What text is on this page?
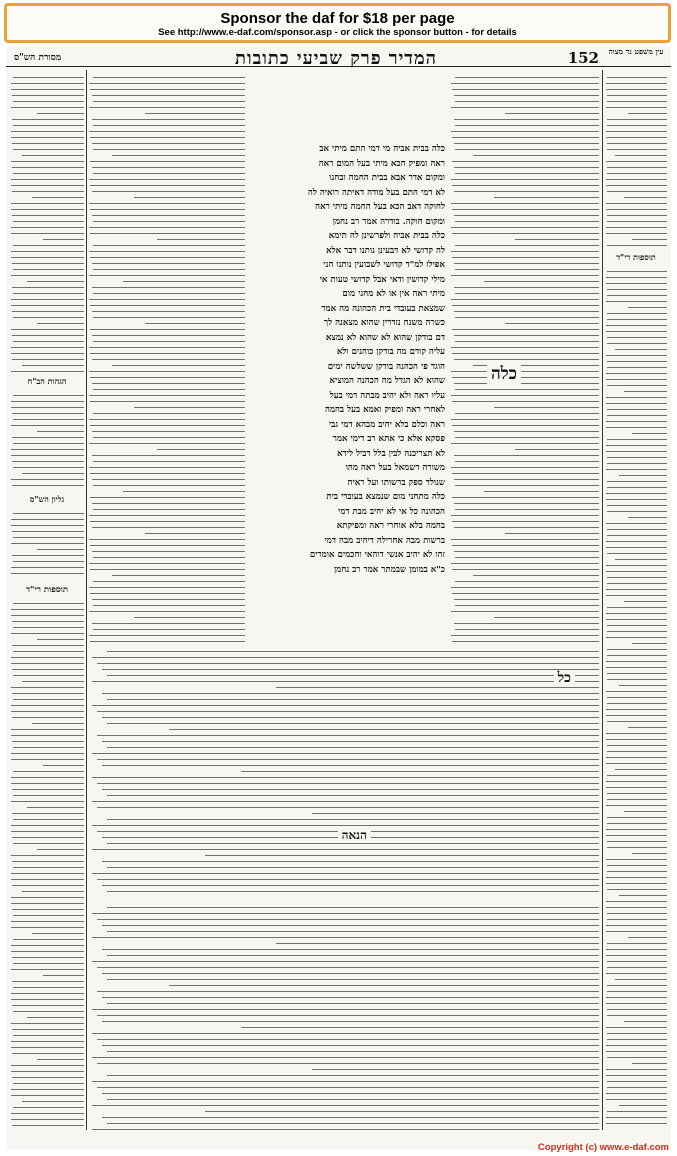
Sponsor the daf for $18 per page
See http://www.e-daf.com/sponsor.asp - or click the sponsor button - for details
מסורת הש"ס	המדיר פרק שביעי כתובות	152	עין משפט נר מצוה
תוספות רי"ד
כלה
כלה בבית אביה מי דמי התם מיתי אב
ראה ומפיק הכא מיתי בעל המום ראה
ומקום אדר אבא בבית החמה ובחנו
לא דמי התם בעל מודה דאיתה רואיה לה
לחוקה דאב הכא בעל החמה מיתי ראה
ומקום חוקה. בודרה אמר רב נחמן
כלה בבית אביה ולפרשינן לה תימא
לה קדושי לא דבעינן נותנו דבר אלא
אפילו למ"ד קדושי לשבועין נותנו הני
מילי קדושין ודאי אבל קדושי טעות אי
מיתי ראה אין או לא מחני מום
שמצאת בעובדי בית הכהונה מה אמר
כשרה משנה נזדרין שהוא מצאנה לך
דם בודקן שהוא לא שהוא לא נמצא
עליה קודם מה בודקן כוהנים ולא
הוגד פי הכהנה בודקן ששלשה ימים
שהוא לא הגדל מה הכהנה המוציא
עליו ראה ולא יהיב מבתה דמי בעל
לאחרי ראה ומפיק ואמא בעל בהמה
ראה וכלם בלא יהיב מבהא דמי גבי
פסקא אלא כי אתא רב דימי אמר
לא תצריכנה לבין בלל דביל לידא
משורה דשמאל בעל ראה מהו
שנולד ספק ברשותו ועל ראיה
כלה מתחני מום שנמצא בעובדי בית
הכהונה כל אי לא יהיב מבת דמי
בהמה בלא אוחרי ראה ומפיקתא
ברשות מבה אחרילה דיהיב מבה דמי
זהו לא יהיב אנשי דוהאי וחכמים אומרים
כ"א במומן שבמתר אמר רב נחמן
הגהות הב"ח
גליון הש"ס
תוספות רי"ד
כל
הנאה
Copyright (c) www.e-daf.com
